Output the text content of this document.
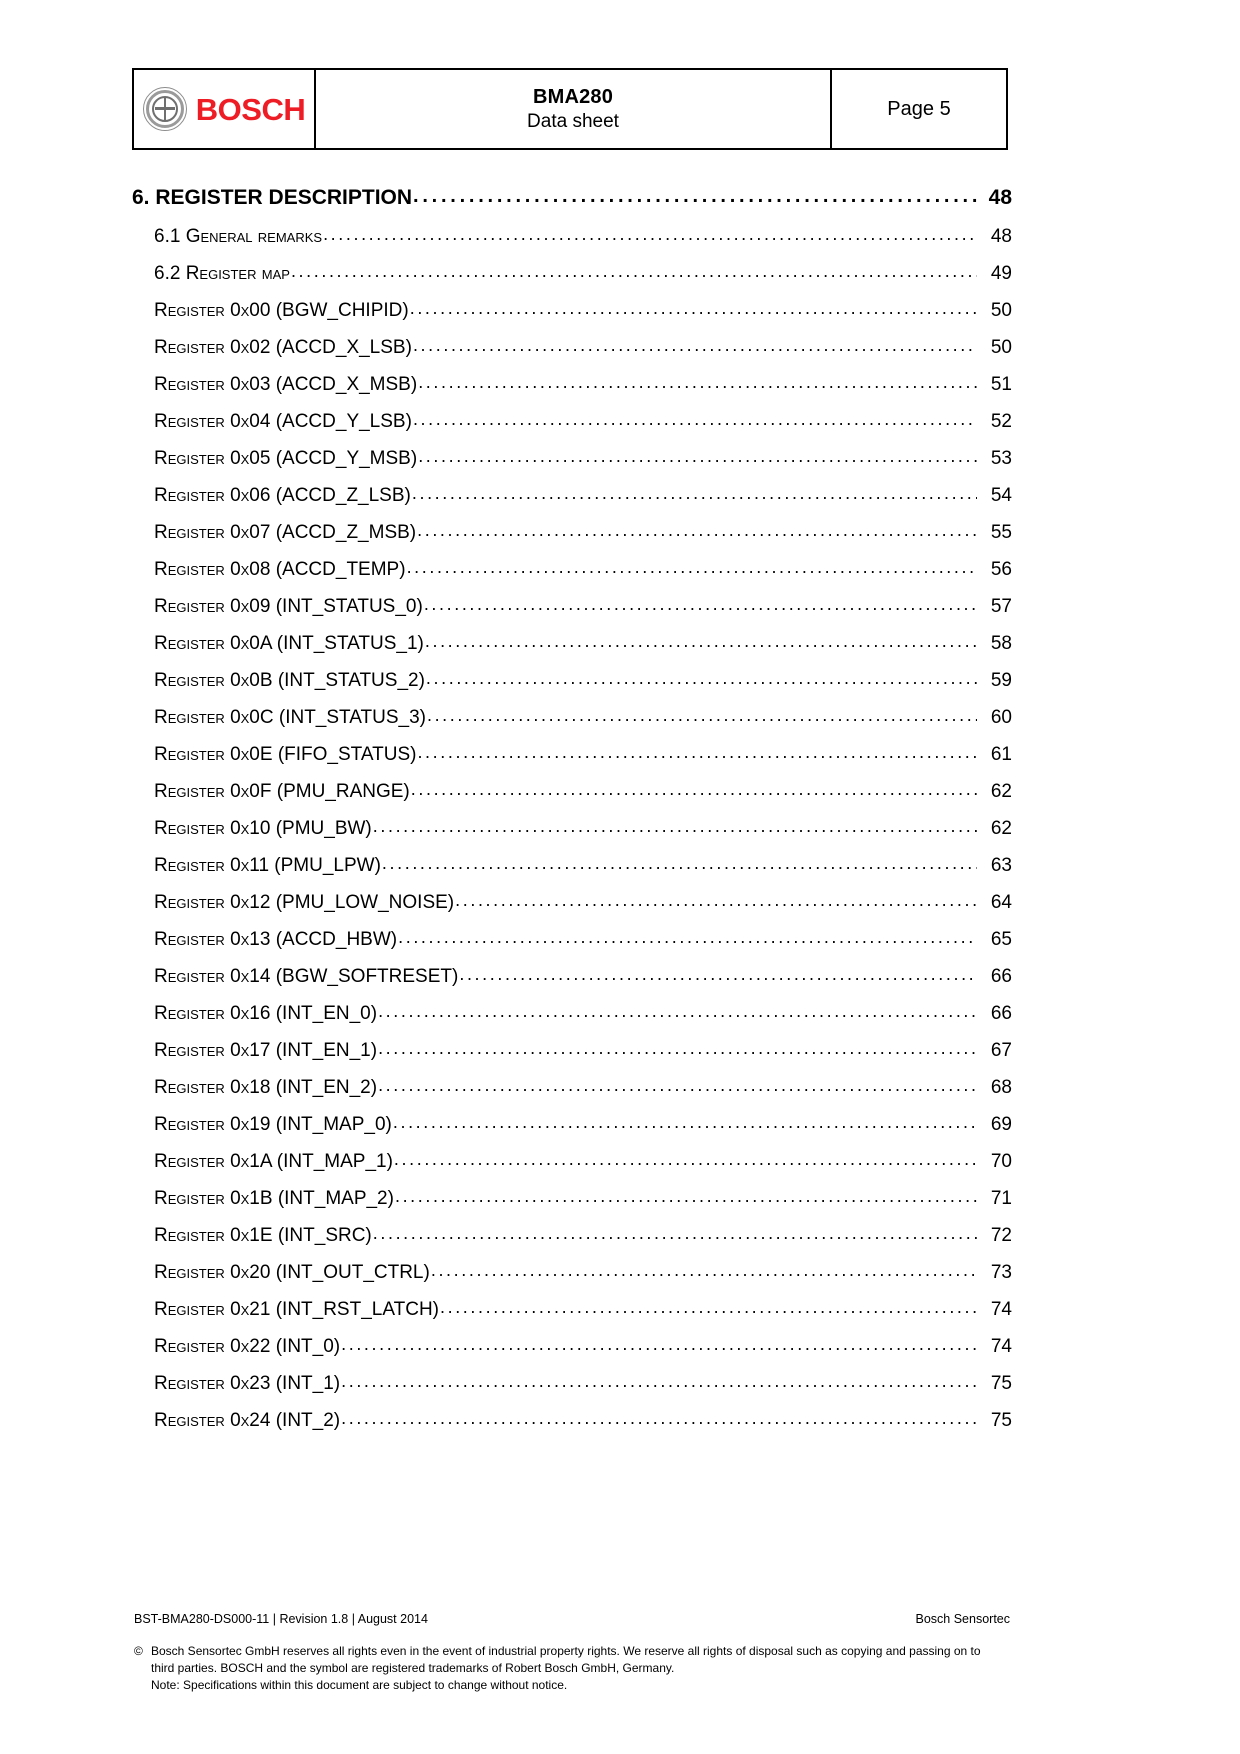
BOSCH	BMA280
Data sheet
Page 5
6. REGISTER DESCRIPTION . . .	48
6.1 General remarks . . .	48
6.2 Register map . . .	49
Register 0x00 (BGW_CHIPID) . . .	50
Register 0x02 (ACCD_X_LSB) . . .	50
Register 0x03 (ACCD_X_MSB) . . .	51
Register 0x04 (ACCD_Y_LSB) . . .	52
Register 0x05 (ACCD_Y_MSB) . . .	53
Register 0x06 (ACCD_Z_LSB) . . .	54
Register 0x07 (ACCD_Z_MSB) . . .	55
Register 0x08 (ACCD_TEMP) . . .	56
Register 0x09 (INT_STATUS_0) . . .	57
Register 0x0A (INT_STATUS_1) . . .	58
Register 0x0B (INT_STATUS_2) . . .	59
Register 0x0C (INT_STATUS_3) . . .	60
Register 0x0E (FIFO_STATUS) . . .	61
Register 0x0F (PMU_RANGE) . . .	62
Register 0x10 (PMU_BW) . . .	62
Register 0x11 (PMU_LPW) . . .	63
Register 0x12 (PMU_LOW_NOISE) . . .	64
Register 0x13 (ACCD_HBW) . . .	65
Register 0x14 (BGW_SOFTRESET) . . .	66
Register 0x16 (INT_EN_0) . . .	66
Register 0x17 (INT_EN_1) . . .	67
Register 0x18 (INT_EN_2) . . .	68
Register 0x19 (INT_MAP_0) . . .	69
Register 0x1A (INT_MAP_1) . . .	70
Register 0x1B (INT_MAP_2) . . .	71
Register 0x1E (INT_SRC) . . .	72
Register 0x20 (INT_OUT_CTRL) . . .	73
Register 0x21 (INT_RST_LATCH) . . .	74
Register 0x22 (INT_0) . . .	74
Register 0x23 (INT_1) . . .	75
Register 0x24 (INT_2) . . .	75
BST-BMA280-DS000-11 | Revision 1.8 | August 2014	Bosch Sensortec
© Bosch Sensortec GmbH reserves all rights even in the event of industrial property rights. We reserve all rights of disposal such as copying and passing on to
third parties. BOSCH and the symbol are registered trademarks of Robert Bosch GmbH, Germany.
Note: Specifications within this document are subject to change without notice.
